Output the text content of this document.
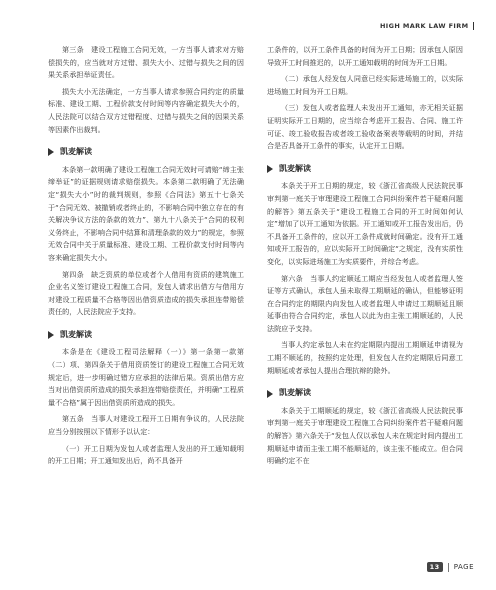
HIGH MARK LAW FIRM

第三条　建设工程施工合同无效，一方当事人请求对方赔偿损失的，应当就对方过错、损失大小、过错与损失之间的因果关系承担举证责任。

损失大小无法确定，一方当事人请求参照合同约定的质量标准、建设工期、工程价款支付时间等内容确定损失大小的，人民法院可以结合双方过错程度、过错与损失之间的因果关系等因素作出裁判。

凯麦解读

本条第一款明确了建设工程施工合同无效时可请赔“缔主张缔举证”的证据规则请求赔偿损失。本条第二款明确了无法确定“损失大小”时的裁判规则，参照《合同法》第五十七条关于“合同无效、被撤销或者终止的，不影响合同中独立存在的有关解决争议方法的条款的效力”、第九十八条关于“合同的权利义务终止，不影响合同中结算和清理条款的效力”的规定，参照无效合同中关于质量标准、建设工期、工程价款支付时间等内容来确定损失大小。

第四条　缺乏资质的单位或者个人借用有资质的建筑施工企业名义签订建设工程施工合同，发包人请求出借方与借用方对建设工程质量不合格等因出借资质造成的损失承担连带赔偿责任的，人民法院应予支持。

凯麦解读

本条是在《建设工程司法解释（一）》第一条第一款第（二）项、第四条关于借用资质签订的建设工程施工合同无效规定后，进一步明确过错方应承担的法律后果。资质出借方应当对出借资质所造成的损失承担连带赔偿责任，并明确“工程质量不合格”属于因出借资质所造成的损失。

第五条　当事人对建设工程开工日期有争议的，人民法院应当分别按照以下情形予以认定：

（一）开工日期为发包人或者监理人发出的开工通知载明的开工日期；开工通知发出后，尚不具备开

工条件的，以开工条件具备的时间为开工日期；因承包人原因导致开工时间推迟的，以开工通知载明的时间为开工日期。

（二）承包人经发包人同意已经实际进场施工的，以实际进场施工时间为开工日期。

（三）发包人或者监理人未发出开工通知，亦无相关证据证明实际开工日期的，应当综合考虑开工报告、合同、施工许可证、竣工验收报告或者竣工验收备案表等载明的时间，并结合是否具备开工条件的事实，认定开工日期。

凯麦解读

本条关于开工日期的规定，较《浙江省高级人民法院民事审判第一庭关于审理建设工程施工合同纠纷案件若干疑难问题的解答》第五条关于“建设工程施工合同的开工时间如何认定”增加了以开工通知为依据。开工通知或开工报告发出后，仍不具备开工条件的，应以开工条件成就时间确定。没有开工通知或开工报告的，应以实际开工时间确定“之规定，没有实质性变化，以实际进场施工为实质要件，并综合考虑。

第六条　当事人约定顺延工期应当经发包人或者监理人签证等方式确认，承包人虽未取得工期顺延的确认，但能够证明在合同约定的期限内向发包人或者监理人申请过工期顺延且顺延事由符合合同约定，承包人以此为由主张工期顺延的，人民法院应予支持。

当事人约定承包人未在约定期限内提出工期顺延申请视为工期不顺延的，按照约定处理，但发包人在约定期限后同意工期顺延或者承包人提出合理抗辩的除外。

凯麦解读

本条关于工期顺延的规定，较《浙江省高级人民法院民事审判第一庭关于审理建设工程施工合同纠纷案件若干疑难问题的解答》第六条关于“发包人仅以承包人未在规定时间内提出工期顺延申请而主张工期不能顺延的，该主张不能成立。但合同明确约定不在

13	PAGE
